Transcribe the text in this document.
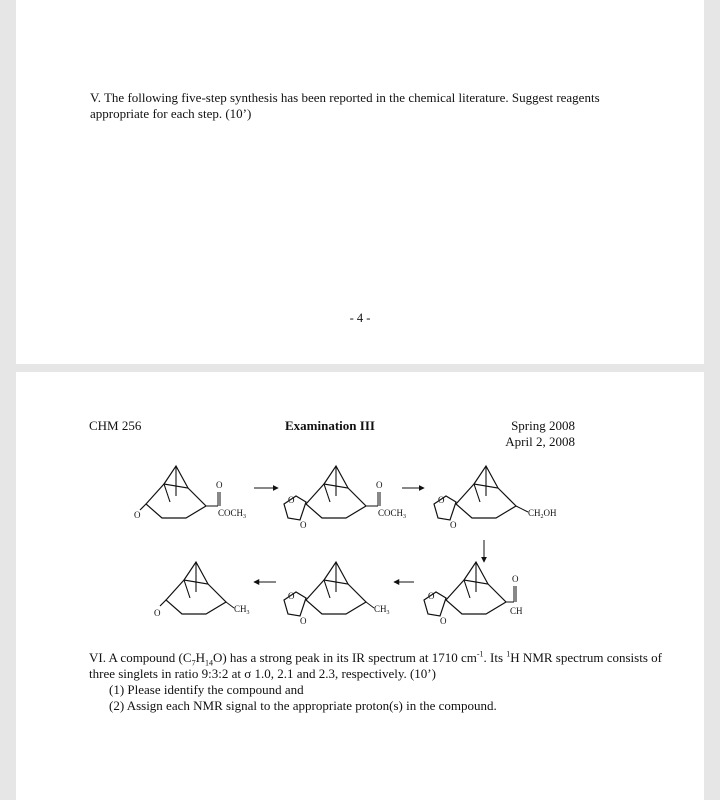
V. The following five-step synthesis has been reported in the chemical literature. Suggest reagents appropriate for each step. (10’)
- 4 -
CHM 256	Examination III	Spring 2008
April 2, 2008
O
O
$COCH_3$
O
O
O
$COCH_3$
O
O
$CH_2OH$
O
O
O
CH
O
O
$CH_3$
O	$CH_3$
VI. A compound $(C_7H_{14}O)$ has a strong peak in its IR spectrum at 1710 $cm^{-1}$. Its $^1$H NMR spectrum consists of three singlets in ratio 9:3:2 at σ 1.0, 2.1 and 2.3, respectively. (10’)
(1) Please identify the compound and
(2) Assign each NMR signal to the appropriate proton(s) in the compound.
